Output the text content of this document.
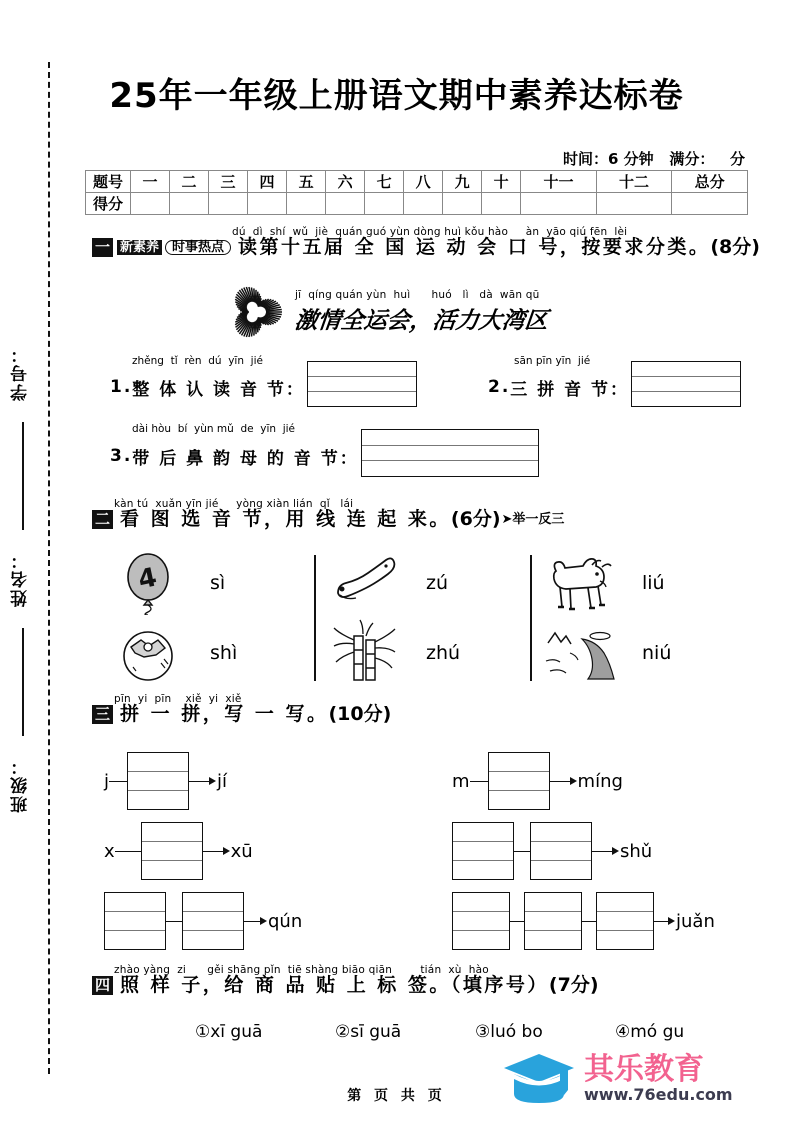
学号：
姓名：
班级：
25年一年级上册语文期中素养达标卷
时间：6 分钟   满分：   分
题号	一	二	三	四	五	六	七	八	九	十	十一	十二	总分
得分													
dú  dì  shí  wǔ  jiè  quán guó yùn dòng huì kǒu hào     àn  yāo qiú fēn  lèi
一 新素养	时事热点 读第十五届 全 国 运 动 会 口 号，按要求分类。 (8分)
jī  qíng quán yùn  huì      huó   lì   dà  wān qū
激情全运会，活力大湾区
zhěng  tǐ  rèn  dú  yīn  jié
1. 整 体 认 读 音 节：
sān pīn yīn  jié
2. 三 拼 音 节：
dài hòu  bí  yùn mǔ  de  yīn  jié
3. 带 后 鼻 韵 母 的 音 节：
kàn tú  xuǎn yīn jié     yòng xiàn lián  qǐ   lái
二 看 图 选 音 节，用 线 连 起 来。 (6分) ➤举一反三
4	sì
shì
zú
zhú
liú
niú
pīn  yi  pīn    xiě  yi  xiě
三 拼 一 拼，写 一 写。 (10分)
j	jí	m	míng
x	xū	shǔ
qún	juǎn
zhào yàng  zi      gěi shāng pǐn  tiē shàng biāo qiān        tián  xù  hào
四 照 样 子，给 商 品 贴 上 标 签。（填序号） (7分)
①xī guā	②sī guā	③luó bo	④mó gu
第 页 共 页
其乐教育
www.76edu.com
